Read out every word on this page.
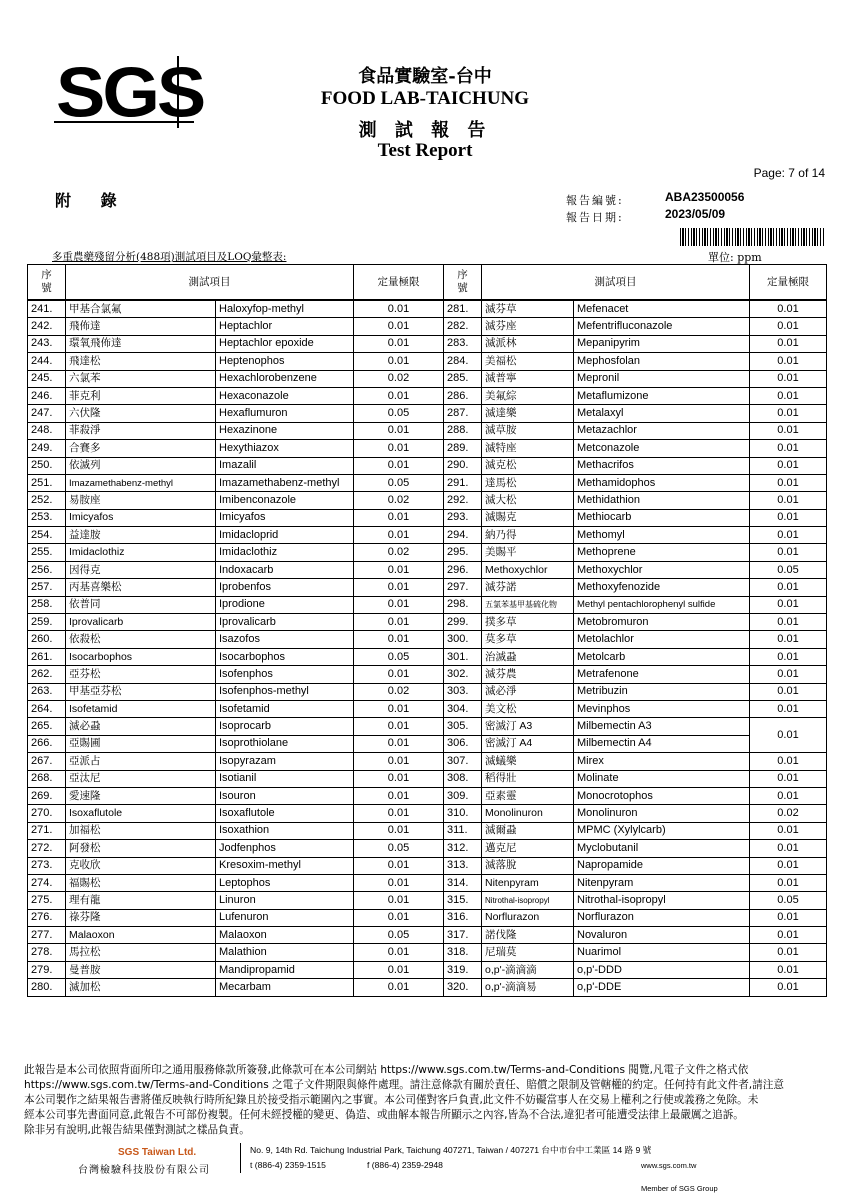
SGS	食品實驗室-台中
FOOD LAB-TAICHUNG
測 試 報 告
Test Report
Page: 7 of 14
附 錄	報告編號:	ABA23500056
報告日期:	2023/05/09
多重農藥殘留分析(488項)測試項目及LOQ彙整表:	單位: ppm
序
號	測試項目		定量極限	序
號	測試項目		定量極限
241.	甲基合氯氟	Haloxyfop-methyl	0.01	281.	滅芬草	Mefenacet	0.01
242.	飛佈達	Heptachlor	0.01	282.	滅芬座	Mefentrifluconazole	0.01
243.	環氧飛佈達	Heptachlor epoxide	0.01	283.	滅派林	Mepanipyrim	0.01
244.	飛達松	Heptenophos	0.01	284.	美福松	Mephosfolan	0.01
245.	六氯苯	Hexachlorobenzene	0.02	285.	滅普寧	Mepronil	0.01
246.	菲克利	Hexaconazole	0.01	286.	美氟綜	Metaflumizone	0.01
247.	六伏隆	Hexaflumuron	0.05	287.	滅達樂	Metalaxyl	0.01
248.	菲殺淨	Hexazinone	0.01	288.	滅草胺	Metazachlor	0.01
249.	合賽多	Hexythiazox	0.01	289.	滅特座	Metconazole	0.01
250.	依滅列	Imazalil	0.01	290.	滅克松	Methacrifos	0.01
251.	Imazamethabenz-methyl	Imazamethabenz-methyl	0.05	291.	達馬松	Methamidophos	0.01
252.	易胺座	Imibenconazole	0.02	292.	滅大松	Methidathion	0.01
253.	Imicyafos	Imicyafos	0.01	293.	滅賜克	Methiocarb	0.01
254.	益達胺	Imidacloprid	0.01	294.	納乃得	Methomyl	0.01
255.	Imidaclothiz	Imidaclothiz	0.02	295.	美賜平	Methoprene	0.01
256.	因得克	Indoxacarb	0.01	296.	Methoxychlor	Methoxychlor	0.05
257.	丙基喜樂松	Iprobenfos	0.01	297.	滅芬諾	Methoxyfenozide	0.01
258.	依普同	Iprodione	0.01	298.	五氯苯基甲基硫化物	Methyl pentachlorophenyl sulfide	0.01
259.	Iprovalicarb	Iprovalicarb	0.01	299.	撲多草	Metobromuron	0.01
260.	依殺松	Isazofos	0.01	300.	莫多草	Metolachlor	0.01
261.	Isocarbophos	Isocarbophos	0.05	301.	治滅蝨	Metolcarb	0.01
262.	亞芬松	Isofenphos	0.01	302.	滅芬農	Metrafenone	0.01
263.	甲基亞芬松	Isofenphos-methyl	0.02	303.	滅必淨	Metribuzin	0.01
264.	Isofetamid	Isofetamid	0.01	304.	美文松	Mevinphos	0.01
265.	滅必蝨	Isoprocarb	0.01	305.	密滅汀 A3	Milbemectin A3	0.01
266.	亞賜圃	Isoprothiolane	0.01	306.	密滅汀 A4	Milbemectin A4	
267.	亞派占	Isopyrazam	0.01	307.	滅蟻樂	Mirex	0.01
268.	亞汰尼	Isotianil	0.01	308.	稻得壯	Molinate	0.01
269.	愛速隆	Isouron	0.01	309.	亞素靈	Monocrotophos	0.01
270.	Isoxaflutole	Isoxaflutole	0.01	310.	Monolinuron	Monolinuron	0.02
271.	加福松	Isoxathion	0.01	311.	滅爾蝨	MPMC (Xylylcarb)	0.01
272.	阿發松	Jodfenphos	0.05	312.	邁克尼	Myclobutanil	0.01
273.	克收欣	Kresoxim-methyl	0.01	313.	滅落脫	Napropamide	0.01
274.	福賜松	Leptophos	0.01	314.	Nitenpyram	Nitenpyram	0.01
275.	理有龍	Linuron	0.01	315.	Nitrothal-isopropyl	Nitrothal-isopropyl	0.05
276.	祿芬隆	Lufenuron	0.01	316.	Norflurazon	Norflurazon	0.01
277.	Malaoxon	Malaoxon	0.05	317.	諾伐隆	Novaluron	0.01
278.	馬拉松	Malathion	0.01	318.	尼瑞莫	Nuarimol	0.01
279.	曼普胺	Mandipropamid	0.01	319.	o,p'-滴滴滴	o,p'-DDD	0.01
280.	滅加松	Mecarbam	0.01	320.	o,p'-滴滴易	o,p'-DDE	0.01
此報告是本公司依照背面所印之通用服務條款所簽發,此條款可在本公司網站 https://www.sgs.com.tw/Terms-and-Conditions 閱覽,凡電子文件之格式依
https://www.sgs.com.tw/Terms-and-Conditions 之電子文件期限與條件處理。請注意條款有關於責任、賠償之限制及管轄權的約定。任何持有此文件者,請注意
本公司製作之結果報告書將僅反映執行時所紀錄且於接受指示範圍內之事實。本公司僅對客戶負責,此文件不妨礙當事人在交易上權利之行使或義務之免除。未
經本公司事先書面同意,此報告不可部份複製。任何未經授權的變更、偽造、或曲解本報告所顯示之內容,皆為不合法,違犯者可能遭受法律上最嚴厲之追訴。
除非另有說明,此報告結果僅對測試之樣品負責。
SGS Taiwan Ltd.
台灣檢驗科技股份有限公司
No. 9, 14th Rd. Taichung Industrial Park, Taichung 407271, Taiwan / 407271 台中市台中工業區 14 路 9 號
t (886-4) 2359-1515	f (886-4) 2359-2948	www.sgs.com.tw
Member of SGS Group
